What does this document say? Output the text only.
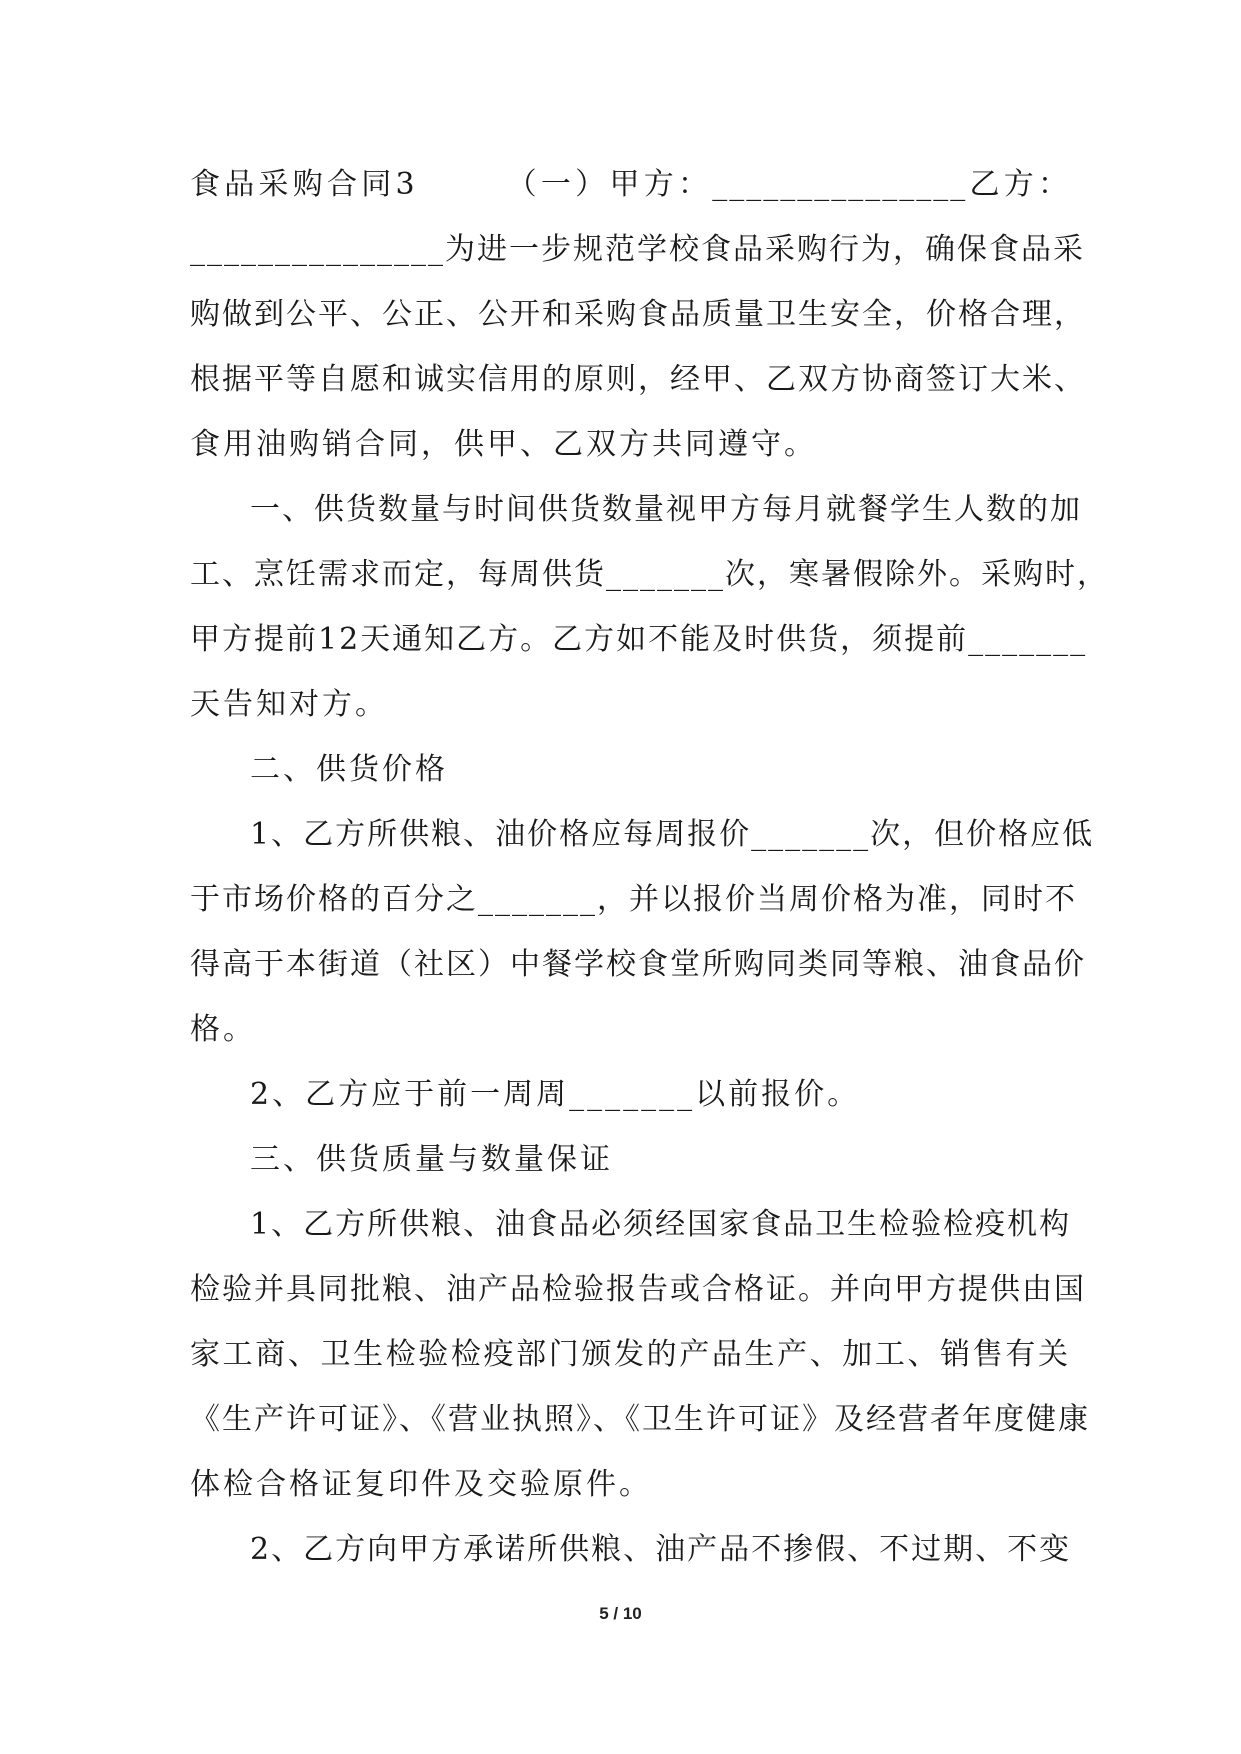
食品采购合同3　　　（一）甲方：_______________乙方：
_______________为进一步规范学校食品采购行为，确保食品采
购做到公平、公正、公开和采购食品质量卫生安全，价格合理，
根据平等自愿和诚实信用的原则，经甲、乙双方协商签订大米、
食用油购销合同，供甲、乙双方共同遵守。
一、供货数量与时间供货数量视甲方每月就餐学生人数的加
工、烹饪需求而定，每周供货_______次，寒暑假除外。采购时，
甲方提前12天通知乙方。乙方如不能及时供货，须提前_______
天告知对方。
二、供货价格
1、乙方所供粮、油价格应每周报价_______次，但价格应低
于市场价格的百分之_______，并以报价当周价格为准，同时不
得高于本街道（社区）中餐学校食堂所购同类同等粮、油食品价
格。
2、乙方应于前一周周_______以前报价。
三、供货质量与数量保证
1、乙方所供粮、油食品必须经国家食品卫生检验检疫机构
检验并具同批粮、油产品检验报告或合格证。并向甲方提供由国
家工商、卫生检验检疫部门颁发的产品生产、加工、销售有关
《生产许可证》、《营业执照》、《卫生许可证》及经营者年度健康
体检合格证复印件及交验原件。
2、乙方向甲方承诺所供粮、油产品不掺假、不过期、不变
5 / 10
